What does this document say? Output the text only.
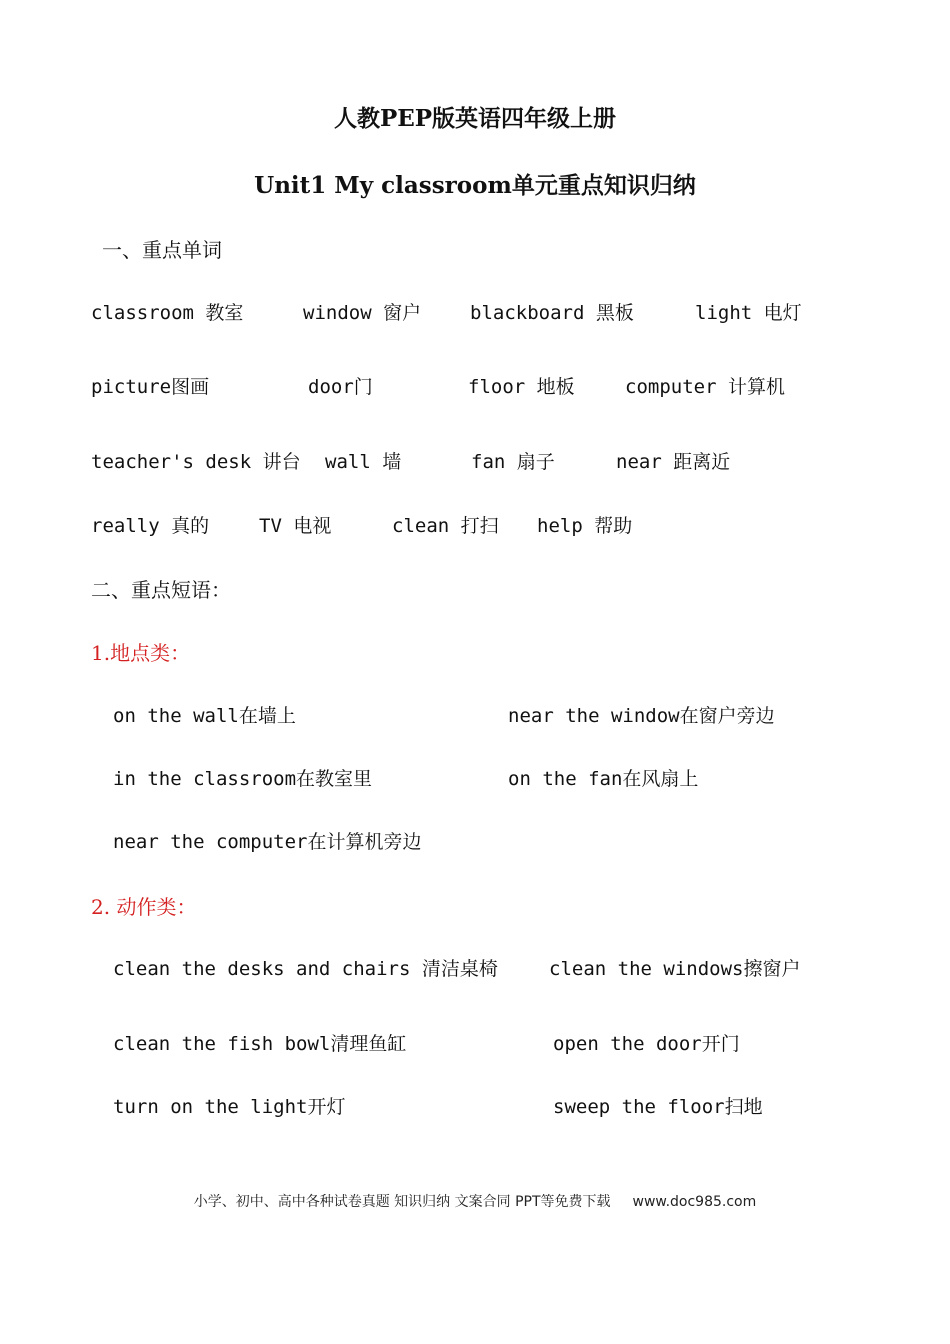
人教PEP版英语四年级上册
Unit1 My classroom单元重点知识归纳
一、重点单词
classroom 教室	window 窗户	blackboard 黑板	light 电灯
picture图画	door门	floor 地板	computer 计算机
teacher's desk 讲台 wall 墙	fan 扇子	near 距离近
really 真的	TV 电视	clean 打扫 help 帮助
二、重点短语：
1.地点类：
on the wall在墙上	near the window在窗户旁边
in the classroom在教室里	on the fan在风扇上
near the computer在计算机旁边
2. 动作类：
clean the desks and chairs 清洁桌椅	clean the windows擦窗户
clean the fish bowl清理鱼缸	open the door开门
turn on the light开灯	sweep the floor扫地
小学、初中、高中各种试卷真题 知识归纳 文案合同 PPT等免费下载 www.doc985.com
